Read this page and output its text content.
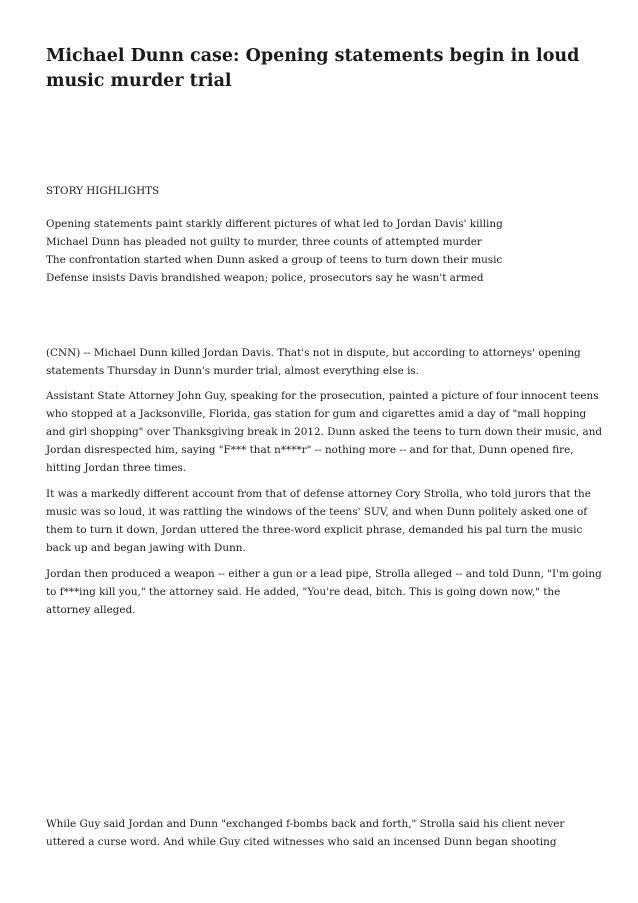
Michael Dunn case: Opening statements begin in loud music murder trial

STORY HIGHLIGHTS

Opening statements paint starkly different pictures of what led to Jordan Davis' killing
Michael Dunn has pleaded not guilty to murder, three counts of attempted murder
The confrontation started when Dunn asked a group of teens to turn down their music
Defense insists Davis brandished weapon; police, prosecutors say he wasn't armed

(CNN) -- Michael Dunn killed Jordan Davis. That's not in dispute, but according to attorneys' opening statements Thursday in Dunn's murder trial, almost everything else is.

Assistant State Attorney John Guy, speaking for the prosecution, painted a picture of four innocent teens who stopped at a Jacksonville, Florida, gas station for gum and cigarettes amid a day of "mall hopping and girl shopping" over Thanksgiving break in 2012. Dunn asked the teens to turn down their music, and Jordan disrespected him, saying "F*** that n****r" -- nothing more -- and for that, Dunn opened fire, hitting Jordan three times.

It was a markedly different account from that of defense attorney Cory Strolla, who told jurors that the music was so loud, it was rattling the windows of the teens' SUV, and when Dunn politely asked one of them to turn it down, Jordan uttered the three-word explicit phrase, demanded his pal turn the music back up and began jawing with Dunn.

Jordan then produced a weapon -- either a gun or a lead pipe, Strolla alleged -- and told Dunn, "I'm going to f***ing kill you," the attorney said. He added, "You're dead, bitch. This is going down now," the attorney alleged.

While Guy said Jordan and Dunn "exchanged f-bombs back and forth," Strolla said his client never uttered a curse word. And while Guy cited witnesses who said an incensed Dunn began shooting
